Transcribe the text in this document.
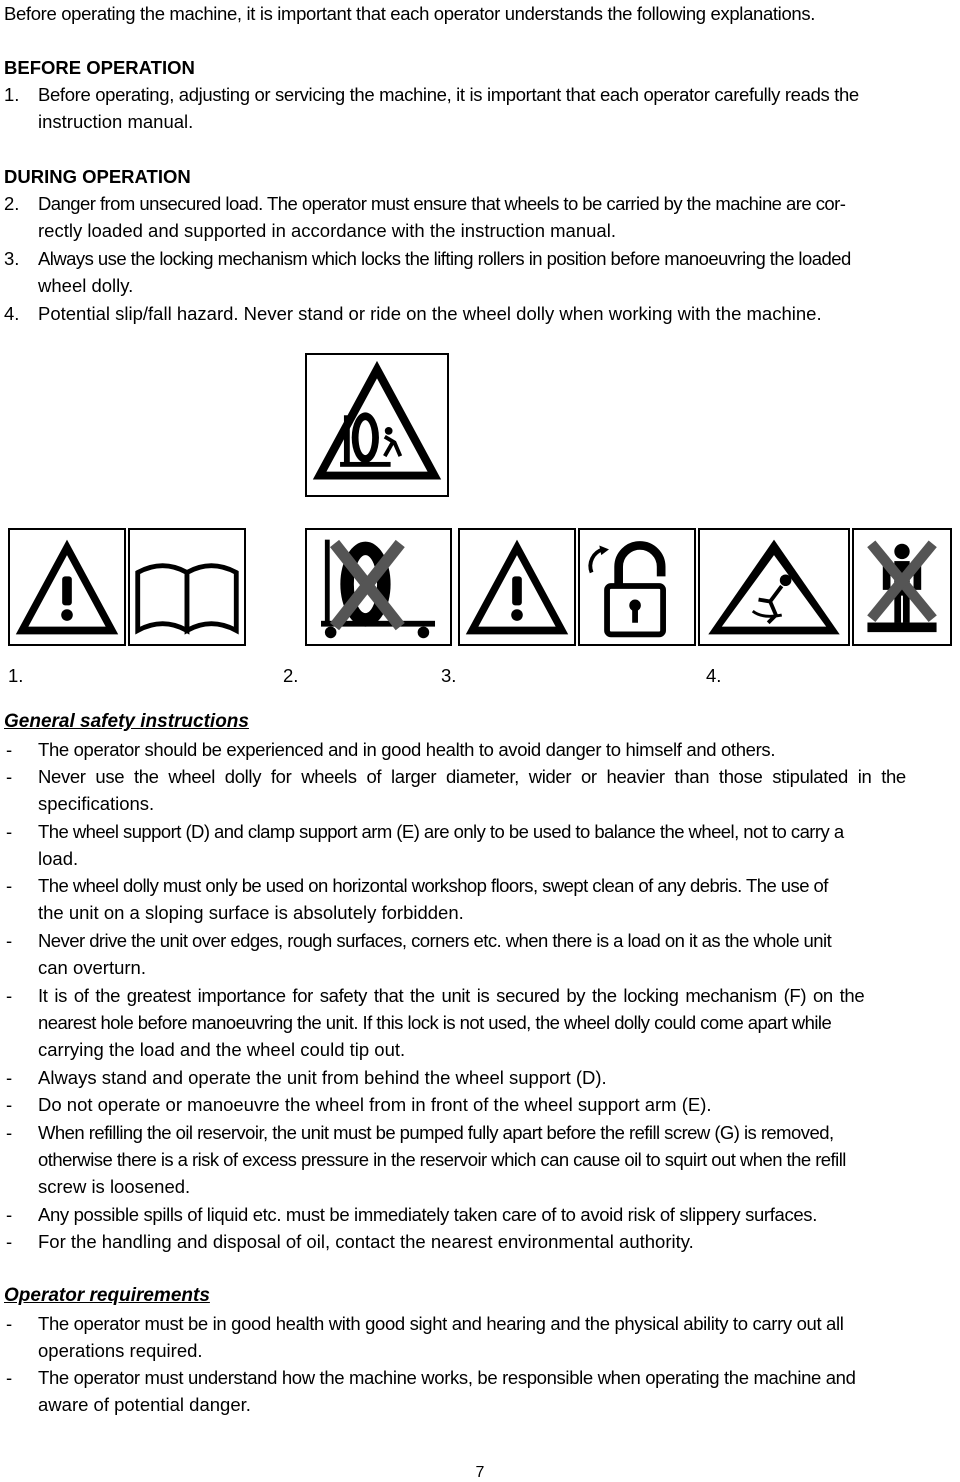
Before operating the machine, it is important that each operator understands the following explanations.
BEFORE OPERATION
1. Before operating, adjusting or servicing the machine, it is important that each operator carefully reads the
instruction manual.
DURING OPERATION
2. Danger from unsecured load. The operator must ensure that wheels to be carried by the machine are cor-
rectly loaded and supported in accordance with the instruction manual.
3. Always use the locking mechanism which locks the lifting rollers in position before manoeuvring the loaded
wheel dolly.
4. Potential slip/fall hazard. Never stand or ride on the wheel dolly when working with the machine.
1.	2.	3.	4.
General safety instructions
- The operator should be experienced and in good health to avoid danger to himself and others.
- Never use the wheel dolly for wheels of larger diameter, wider or heavier than those stipulated in the
specifications.
- The wheel support (D) and clamp support arm (E) are only to be used to balance the wheel, not to carry a
load.
- The wheel dolly must only be used on horizontal workshop floors, swept clean of any debris. The use of
the unit on a sloping surface is absolutely forbidden.
- Never drive the unit over edges, rough surfaces, corners etc. when there is a load on it as the whole unit
can overturn.
- It is of the greatest importance for safety that the unit is secured by the locking mechanism (F) on the
nearest hole before manoeuvring the unit. If this lock is not used, the wheel dolly could come apart while
carrying the load and the wheel could tip out.
- Always stand and operate the unit from behind the wheel support (D).
- Do not operate or manoeuvre the wheel from in front of the wheel support arm (E).
- When refilling the oil reservoir, the unit must be pumped fully apart before the refill screw (G) is removed,
otherwise there is a risk of excess pressure in the reservoir which can cause oil to squirt out when the refill
screw is loosened.
- Any possible spills of liquid etc. must be immediately taken care of to avoid risk of slippery surfaces.
- For the handling and disposal of oil, contact the nearest environmental authority.
Operator requirements
- The operator must be in good health with good sight and hearing and the physical ability to carry out all
operations required.
- The operator must understand how the machine works, be responsible when operating the machine and
aware of potential danger.
7
